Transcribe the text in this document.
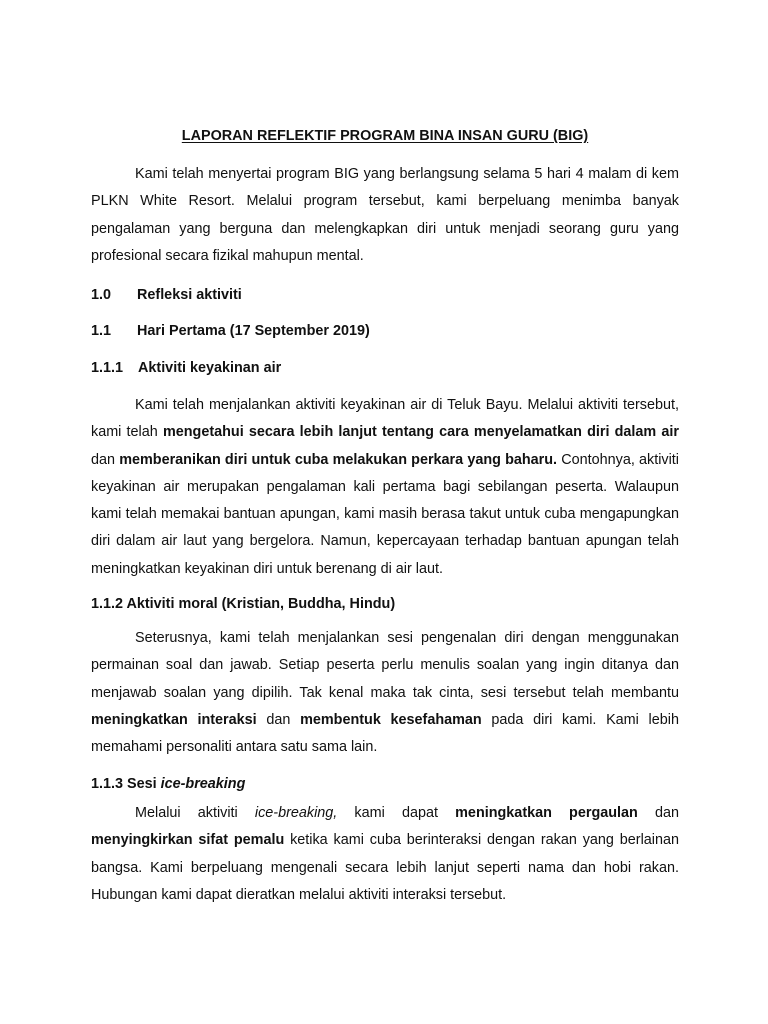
LAPORAN REFLEKTIF PROGRAM BINA INSAN GURU (BIG)

Kami telah menyertai program BIG yang berlangsung selama 5 hari 4 malam di kem PLKN White Resort. Melalui program tersebut, kami berpeluang menimba banyak pengalaman yang berguna dan melengkapkan diri untuk menjadi seorang guru yang profesional secara fizikal mahupun mental.

1.0 Refleksi aktiviti
1.1 Hari Pertama (17 September 2019)
1.1.1 Aktiviti keyakinan air

Kami telah menjalankan aktiviti keyakinan air di Teluk Bayu. Melalui aktiviti tersebut, kami telah mengetahui secara lebih lanjut tentang cara menyelamatkan diri dalam air dan memberanikan diri untuk cuba melakukan perkara yang baharu. Contohnya, aktiviti keyakinan air merupakan pengalaman kali pertama bagi sebilangan peserta. Walaupun kami telah memakai bantuan apungan, kami masih berasa takut untuk cuba mengapungkan diri dalam air laut yang bergelora. Namun, kepercayaan terhadap bantuan apungan telah meningkatkan keyakinan diri untuk berenang di air laut.

1.1.2 Aktiviti moral (Kristian, Buddha, Hindu)

Seterusnya, kami telah menjalankan sesi pengenalan diri dengan menggunakan permainan soal dan jawab. Setiap peserta perlu menulis soalan yang ingin ditanya dan menjawab soalan yang dipilih. Tak kenal maka tak cinta, sesi tersebut telah membantu meningkatkan interaksi dan membentuk kesefahaman pada diri kami. Kami lebih memahami personaliti antara satu sama lain.

1.1.3 Sesi ice-breaking

Melalui aktiviti ice-breaking, kami dapat meningkatkan pergaulan dan menyingkirkan sifat pemalu ketika kami cuba berinteraksi dengan rakan yang berlainan bangsa. Kami berpeluang mengenali secara lebih lanjut seperti nama dan hobi rakan. Hubungan kami dapat dieratkan melalui aktiviti interaksi tersebut.
